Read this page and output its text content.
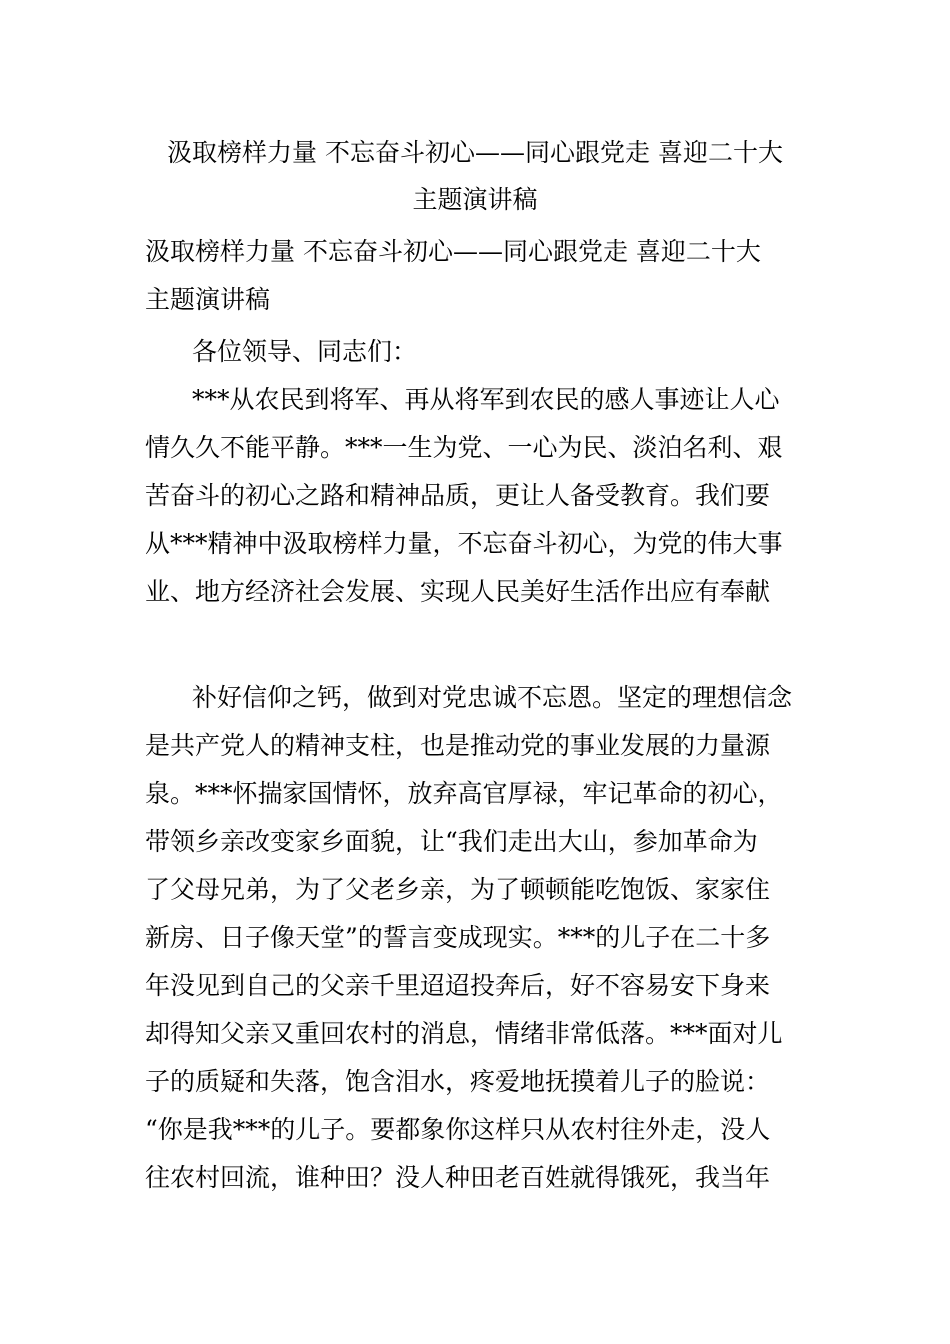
汲取榜样力量 不忘奋斗初心——同心跟党走 喜迎二十大
主题演讲稿
汲取榜样力量 不忘奋斗初心——同心跟党走 喜迎二十大
主题演讲稿
各位领导、同志们：
***从农民到将军、再从将军到农民的感人事迹让人心
情久久不能平静。***一生为党、一心为民、淡泊名利、艰
苦奋斗的初心之路和精神品质，更让人备受教育。我们要
从***精神中汲取榜样力量，不忘奋斗初心，为党的伟大事
业、地方经济社会发展、实现人民美好生活作出应有奉献
补好信仰之钙，做到对党忠诚不忘恩。坚定的理想信念
是共产党人的精神支柱，也是推动党的事业发展的力量源
泉。***怀揣家国情怀，放弃高官厚禄，牢记革命的初心，
带领乡亲改变家乡面貌，让“我们走出大山，参加革命为
了父母兄弟，为了父老乡亲，为了顿顿能吃饱饭、家家住
新房、日子像天堂”的誓言变成现实。***的儿子在二十多
年没见到自己的父亲千里迢迢投奔后，好不容易安下身来
却得知父亲又重回农村的消息，情绪非常低落。***面对儿
子的质疑和失落，饱含泪水，疼爱地抚摸着儿子的脸说：
“你是我***的儿子。要都象你这样只从农村往外走，没人
往农村回流，谁种田？没人种田老百姓就得饿死，我当年
